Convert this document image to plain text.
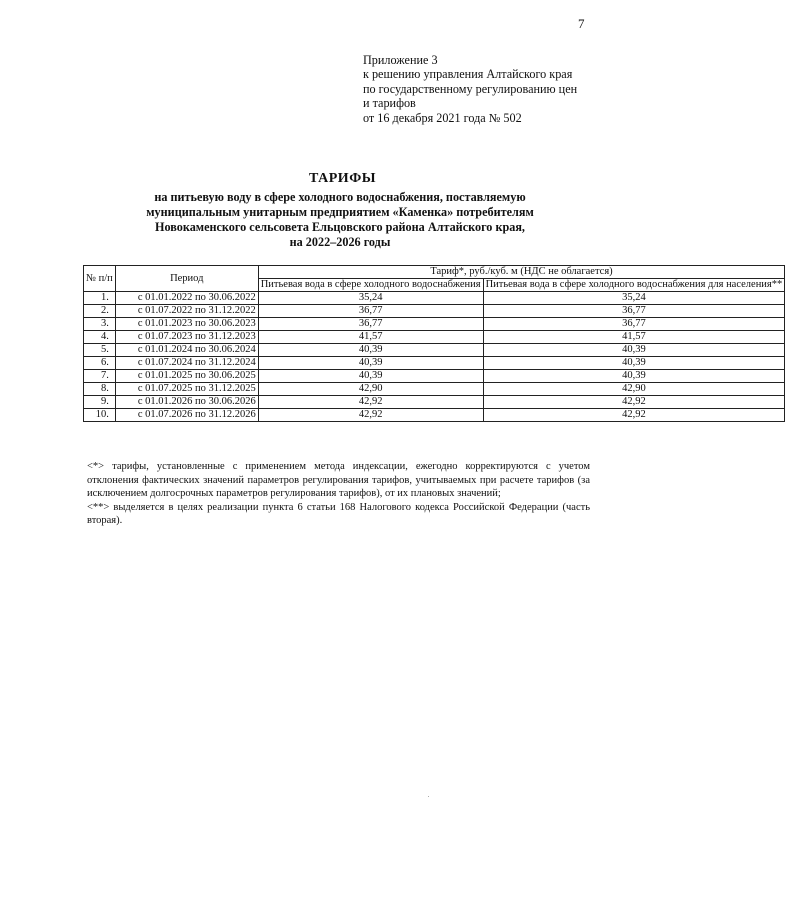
7
Приложение 3
к решению управления Алтайского края
по государственному регулированию цен
и тарифов
от 16 декабря 2021 года № 502
ТАРИФЫ
на питьевую воду в сфере холодного водоснабжения, поставляемую
муниципальным унитарным предприятием «Каменка» потребителям
Новокаменского сельсовета Ельцовского района Алтайского края,
на 2022–2026 годы
№ п/п	Период	Тариф*, руб./куб. м (НДС не облагается)	
		Питьевая вода в сфере холодного водоснабжения	Питьевая вода в сфере холодного водоснабжения для населения**
1.	с 01.01.2022 по 30.06.2022	35,24	35,24
2.	с 01.07.2022 по 31.12.2022	36,77	36,77
3.	с 01.01.2023 по 30.06.2023	36,77	36,77
4.	с 01.07.2023 по 31.12.2023	41,57	41,57
5.	с 01.01.2024 по 30.06.2024	40,39	40,39
6.	с 01.07.2024 по 31.12.2024	40,39	40,39
7.	с 01.01.2025 по 30.06.2025	40,39	40,39
8.	с 01.07.2025 по 31.12.2025	42,90	42,90
9.	с 01.01.2026 по 30.06.2026	42,92	42,92
10.	с 01.07.2026 по 31.12.2026	42,92	42,92

<*> тарифы, установленные с применением метода индексации, ежегодно корректируются с учетом отклонения фактических значений параметров регулирования тарифов, учитываемых при расчете тарифов (за исключением долгосрочных параметров регулирования тарифов), от их плановых значений;

<**> выделяется в целях реализации пункта 6 статьи 168 Налогового кодекса Российской Федерации (часть вторая).
